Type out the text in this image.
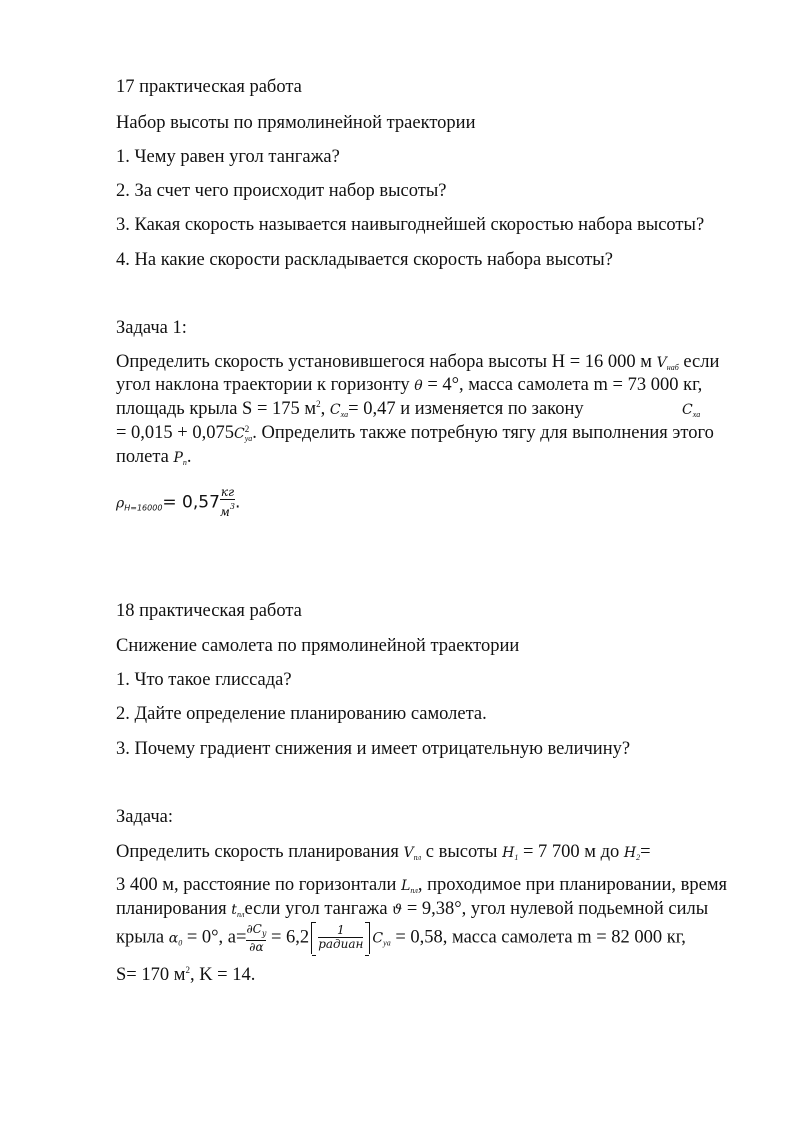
17 практическая работа
Набор высоты по прямолинейной траектории
1. Чему равен угол тангажа?
2. За счет чего происходит набор высоты?
3. Какая скорость называется наивыгоднейшей скоростью набора высоты?
4. На какие скорости раскладывается скорость набора высоты?
Задача 1:
Определить скорость установившегося набора высоты H = 16 000 м $V_{наб}$ если
угол наклона траектории к горизонту θ = 4°, масса самолета m = 73 000 кг,
площадь крыла S = 175 $м^2$, $C_{xa}= 0,47$ и изменяется по закону	$C_{xa}$
= 0,015 + 0,075C 2
$_{ya}$. Определить также потребную тягу для выполнения этого
полета $P_n$.
$\rho_{H=16000}= 0,57 \frac{кг}{м^3}$ .
18 практическая работа
Снижение самолета по прямолинейной траектории
1. Что такое глиссада?
2. Дайте определение планированию самолета.
3. Почему градиент снижения и имеет отрицательную величину?
Задача:
Определить скорость планирования $V_{пл}$ с высоты $H_1 = 7$ 700 м до $H_2=$
3 400 м, расстояние по горизонтали $L_{пл}$, проходимое при планировании, время
планирования $t_{пл}если$ угол тангажа ϑ = 9,38°, угол нулевой подьемной силы
крыла $\alpha_0 = 0^\circ$, $a= \frac{\partial C_y}{\partial\alpha} = 6,2 \frac{1}{\text{радиан}} C_{ya} = 0,58$, масса самолета m = 82 000 кг,
S= 170 $м^2$, K = 14.
